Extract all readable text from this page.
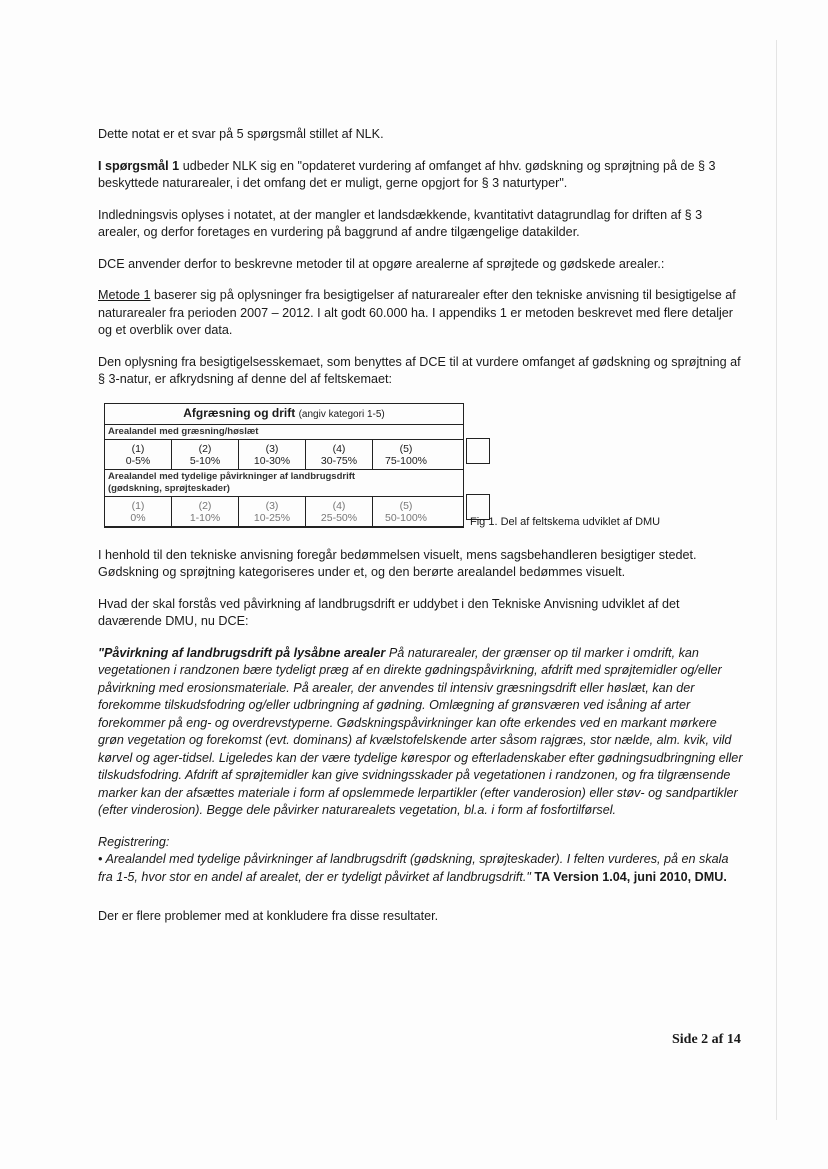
Dette notat er et svar på 5 spørgsmål stillet af NLK.

I spørgsmål 1 udbeder NLK sig en "opdateret vurdering af omfanget af hhv. gødskning og sprøjtning på de § 3 beskyttede naturarealer, i det omfang det er muligt, gerne opgjort for § 3 naturtyper".

Indledningsvis oplyses i notatet, at der mangler et landsdækkende, kvantitativt datagrundlag for driften af § 3 arealer, og derfor foretages en vurdering på baggrund af andre tilgængelige datakilder.

DCE anvender derfor to beskrevne metoder til at opgøre arealerne af sprøjtede og gødskede arealer.:

Metode 1 baserer sig på oplysninger fra besigtigelser af naturarealer efter den tekniske anvisning til besigtigelse af naturarealer fra perioden 2007 – 2012. I alt godt 60.000 ha. I appendiks 1 er metoden beskrevet med flere detaljer og et overblik over data.

Den oplysning fra besigtigelsesskemaet, som benyttes af DCE til at vurdere omfanget af gødskning og sprøjtning af § 3-natur, er afkrydsning af denne del af feltskemaet:

Afgræsning og drift (angiv kategori 1-5)
Arealandel med græsning/høslæt
(1)
0-5%
(2)
5-10%
(3)
10-30%
(4)
30-75%
(5)
75-100%
Arealandel med tydelige påvirkninger af landbrugsdrift
(gødskning, sprøjteskader)
(1)
0%
(2)
1-10%
(3)
10-25%
(4)
25-50%
(5)
50-100%	Fig 1. Del af feltskema udviklet af DMU

I henhold til den tekniske anvisning foregår bedømmelsen visuelt, mens sagsbehandleren besigtiger stedet. Gødskning og sprøjtning kategoriseres under et, og den berørte arealandel bedømmes visuelt.

Hvad der skal forstås ved påvirkning af landbrugsdrift er uddybet i den Tekniske Anvisning udviklet af det daværende DMU, nu DCE:

"Påvirkning af landbrugsdrift på lysåbne arealer På naturarealer, der grænser op til marker i omdrift, kan vegetationen i randzonen bære tydeligt præg af en direkte gødningspåvirkning, afdrift med sprøjtemidler og/eller påvirkning med erosionsmateriale. På arealer, der anvendes til intensiv græsningsdrift eller høslæt, kan der forekomme tilskudsfodring og/eller udbringning af gødning. Omlægning af grønsværen ved isåning af arter forekommer på eng- og overdrevstyperne. Gødskningspåvirkninger kan ofte erkendes ved en markant mørkere grøn vegetation og forekomst (evt. dominans) af kvælstofelskende arter såsom rajgræs, stor nælde, alm. kvik, vild kørvel og ager-tidsel. Ligeledes kan der være tydelige kørespor og efterladenskaber efter gødningsudbringning eller tilskudsfodring. Afdrift af sprøjtemidler kan give svidningsskader på vegetationen i randzonen, og fra tilgrænsende marker kan der afsættes materiale i form af opslemmede lerpartikler (efter vanderosion) eller støv- og sandpartikler (efter vinderosion). Begge dele påvirker naturarealets vegetation, bl.a. i form af fosfortilførsel.

Registrering:
• Arealandel med tydelige påvirkninger af landbrugsdrift (gødskning, sprøjteskader). I felten vurderes, på en skala fra 1-5, hvor stor en andel af arealet, der er tydeligt påvirket af landbrugsdrift." TA Version 1.04, juni 2010, DMU.

Der er flere problemer med at konkludere fra disse resultater.

Side 2 af 14
